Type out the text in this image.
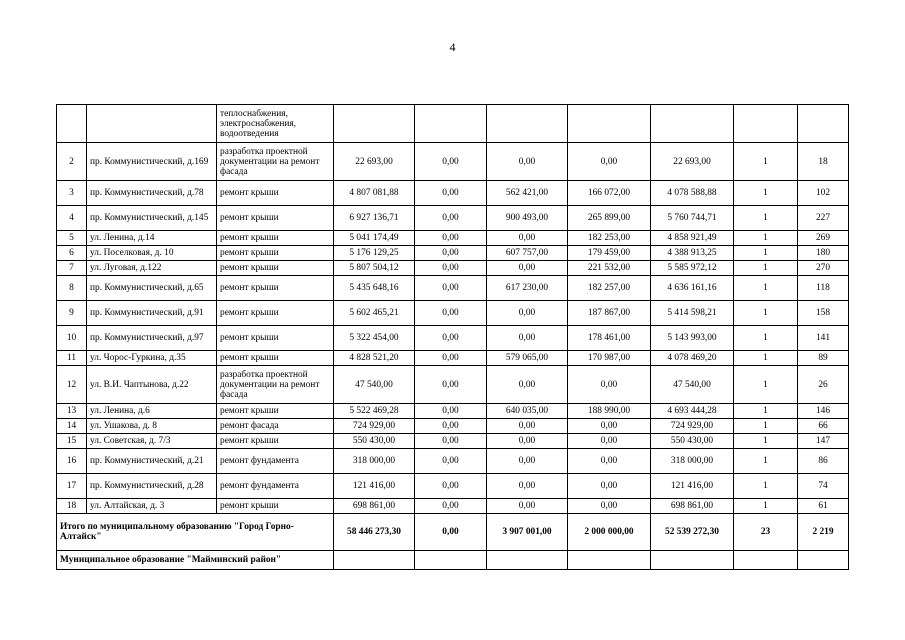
4
		теплоснабжения, электроснабжения, водоотведения							
2	пр. Коммунистический, д.169	разработка проектной документации на ремонт фасада	22 693,00	0,00	0,00	0,00	22 693,00	1	18
3	пр. Коммунистический, д.78	ремонт крыши	4 807 081,88	0,00	562 421,00	166 072,00	4 078 588,88	1	102
4	пр. Коммунистический, д.145	ремонт крыши	6 927 136,71	0,00	900 493,00	265 899,00	5 760 744,71	1	227
5	ул. Ленина, д.14	ремонт крыши	5 041 174,49	0,00	0,00	182 253,00	4 858 921,49	1	269
6	ул. Поселковая, д. 10	ремонт крыши	5 176 129,25	0,00	607 757,00	179 459,00	4 388 913,25	1	180
7	ул. Луговая, д.122	ремонт крыши	5 807 504,12	0,00	0,00	221 532,00	5 585 972,12	1	270
8	пр. Коммунистический, д.65	ремонт крыши	5 435 648,16	0,00	617 230,00	182 257,00	4 636 161,16	1	118
9	пр. Коммунистический, д.91	ремонт крыши	5 602 465,21	0,00	0,00	187 867,00	5 414 598,21	1	158
10	пр. Коммунистический, д.97	ремонт крыши	5 322 454,00	0,00	0,00	178 461,00	5 143 993,00	1	141
11	ул. Чорос-Гуркина, д.35	ремонт крыши	4 828 521,20	0,00	579 065,00	170 987,00	4 078 469,20	1	89
12	ул. В.И. Чаптынова, д.22	разработка проектной документации на ремонт фасада	47 540,00	0,00	0,00	0,00	47 540,00	1	26
13	ул. Ленина, д.6	ремонт крыши	5 522 469,28	0,00	640 035,00	188 990,00	4 693 444,28	1	146
14	ул. Ушакова, д. 8	ремонт фасада	724 929,00	0,00	0,00	0,00	724 929,00	1	66
15	ул. Советская, д. 7/3	ремонт крыши	550 430,00	0,00	0,00	0,00	550 430,00	1	147
16	пр. Коммунистический, д.21	ремонт фундамента	318 000,00	0,00	0,00	0,00	318 000,00	1	86
17	пр. Коммунистический, д.28	ремонт фундамента	121 416,00	0,00	0,00	0,00	121 416,00	1	74
18	ул. Алтайская, д. 3	ремонт крыши	698 861,00	0,00	0,00	0,00	698 861,00	1	61
Итого по муниципальному образованию "Город Горно-Алтайск"			58 446 273,30	0,00	3 907 001,00	2 000 000,00	52 539 272,30	23	2 219
Муниципальное образование "Майминский район"									
